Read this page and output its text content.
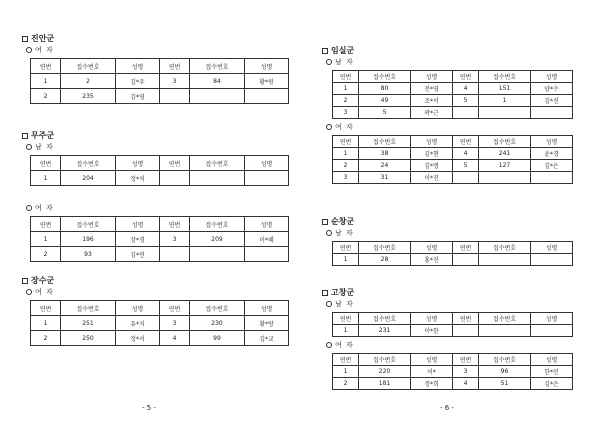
진안군
여 자
연번	접수번호	성명	연번	접수번호	성명
1	2	김*우	3	84	황*원
2	235	김*영			
무주군
남 자
연번	접수번호	성명	연번	접수번호	성명
1	204	정*석			
여 자
연번	접수번호	성명	연번	접수번호	성명
1	196	장*경	3	209	이*혜
2	93	김*연			
장수군
여 자
연번	접수번호	성명	연번	접수번호	성명
1	251	유*지	3	230	황*랑
2	250	정*서	4	99	김*교
- 5 -
임실군
남 자
연번	접수번호	성명	연번	접수번호	성명
1	80	전*영	4	151	양*수
2	49	조*서	5	1	김*진
3	5	곽*근			
여 자
연번	접수번호	성명	연번	접수번호	성명
1	38	김*현	4	241	윤*경
2	24	김*명	5	127	김*은
3	31	이*진			
순창군
남 자
연번	접수번호	성명	연번	접수번호	성명
1	28	홍*진			
고창군
남 자
연번	접수번호	성명	연번	접수번호	성명
1	231	이*한			
여 자
연번	접수번호	성명	연번	접수번호	성명
1	220	이*	3	96	한*민
2	181	정*희	4	51	김*은
- 6 -
